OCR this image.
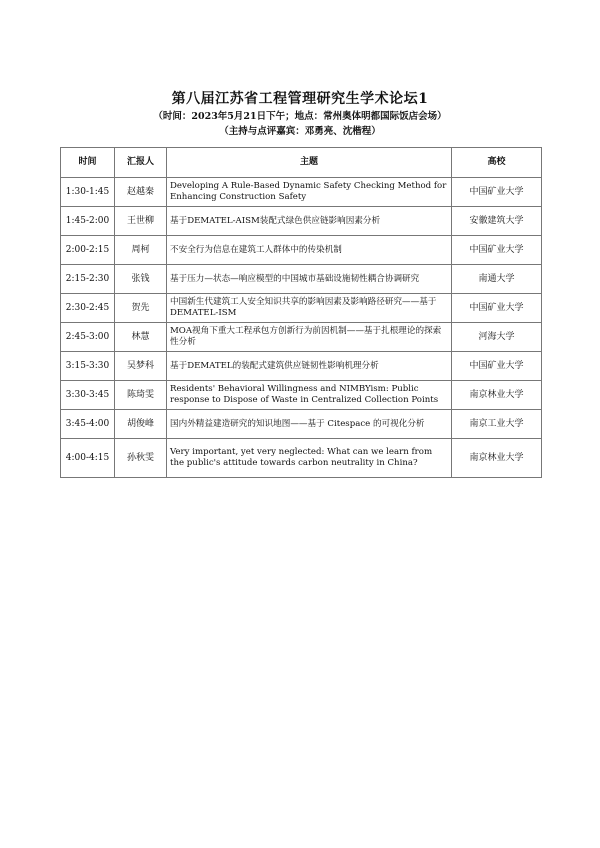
第八届江苏省工程管理研究生学术论坛1
（时间：2023年5月21日下午；地点：常州奥体明都国际饭店会场）
（主持与点评嘉宾：邓勇亮、沈楷程）
时间	汇报人	主题	高校
1:30-1:45	赵越秦	Developing A Rule-Based Dynamic Safety Checking Method for Enhancing Construction Safety	中国矿业大学
1:45-2:00	王世柳	基于DEMATEL-AISM装配式绿色供应链影响因素分析	安徽建筑大学
2:00-2:15	周柯	不安全行为信息在建筑工人群体中的传染机制	中国矿业大学
2:15-2:30	张钱	基于压力—状态—响应模型的中国城市基础设施韧性耦合协调研究	南通大学
2:30-2:45	贺先	中国新生代建筑工人安全知识共享的影响因素及影响路径研究——基于DEMATEL-ISM	中国矿业大学
2:45-3:00	林慧	MOA视角下重大工程承包方创新行为前因机制——基于扎根理论的探索性分析	河海大学
3:15-3:30	吴梦科	基于DEMATEL的装配式建筑供应链韧性影响机理分析	中国矿业大学
3:30-3:45	陈琦雯	Residents' Behavioral Willingness and NIMBYism: Public response to Dispose of Waste in Centralized Collection Points	南京林业大学
3:45-4:00	胡俊峰	国内外精益建造研究的知识地图——基于 Citespace 的可视化分析	南京工业大学
4:00-4:15	孙秋雯	Very important, yet very neglected: What can we learn from the public's attitude towards carbon neutrality in China?	南京林业大学
